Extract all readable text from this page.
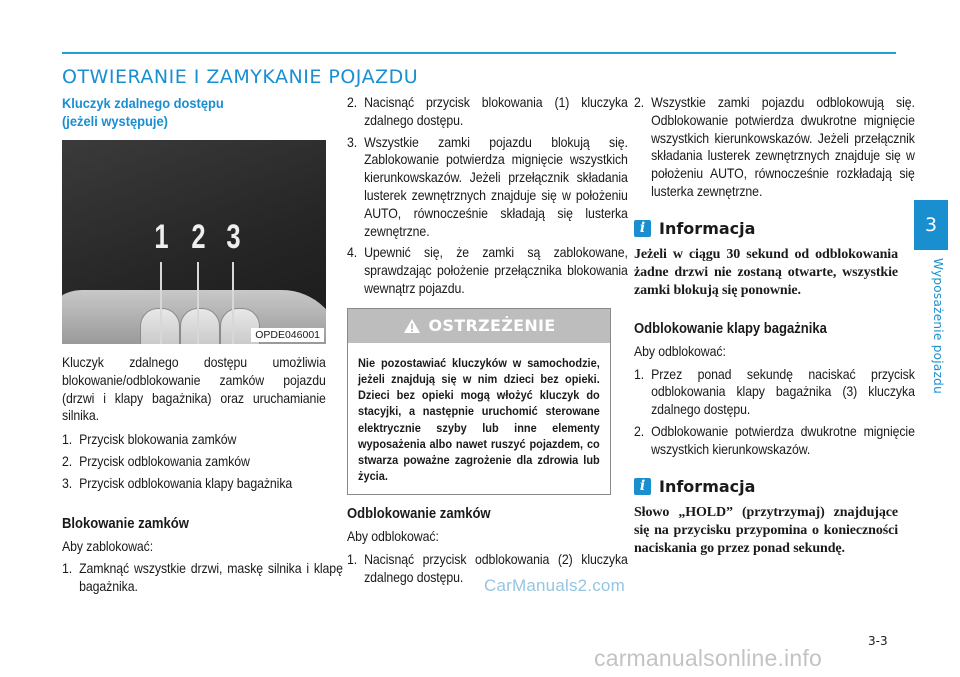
OTWIERANIE I ZAMYKANIE POJAZDU

Kluczyk zdalnego dostępu

(jeżeli występuje)

1 2 3
OPDE046001

Kluczyk zdalnego dostępu umożliwia blokowanie/odblokowanie zamków pojazdu (drzwi i klapy bagażnika) oraz uruchamianie silnika.

1. Przycisk blokowania zamków
2. Przycisk odblokowania zamków
3. Przycisk odblokowania klapy bagażnika

Blokowanie zamków

Aby zablokować:

1. Zamknąć wszystkie drzwi, maskę silnika i klapę bagażnika.
2. Nacisnąć przycisk blokowania (1) kluczyka zdalnego dostępu.
3. Wszystkie zamki pojazdu blokują się. Zablokowanie potwierdza mignięcie wszystkich kierunkowskazów. Jeżeli przełącznik składania lusterek zewnętrznych znajduje się w położeniu AUTO, równocześnie składają się lusterka zewnętrzne.
4. Upewnić się, że zamki są zablokowane, sprawdzając położenie przełącznika blokowania wewnątrz pojazdu.
OSTRZEŻENIE

Nie pozostawiać kluczyków w samochodzie, jeżeli znajdują się w nim dzieci bez opieki. Dzieci bez opieki mogą włożyć kluczyk do stacyjki, a następnie uruchomić sterowane elektrycznie szyby lub inne elementy wyposażenia albo nawet ruszyć pojazdem, co stwarza poważne zagrożenie dla zdrowia lub życia.

Odblokowanie zamków

Aby odblokować:

1. Nacisnąć przycisk odblokowania (2) kluczyka zdalnego dostępu.
2. Wszystkie zamki pojazdu odblokowują się. Odblokowanie potwierdza dwukrotne mignięcie wszystkich kierunkowskazów. Jeżeli przełącznik składania lusterek zewnętrznych znajduje się w położeniu AUTO, równocześnie rozkładają się lusterka zewnętrzne.
i Informacja

Jeżeli w ciągu 30 sekund od odblokowania żadne drzwi nie zostaną otwarte, wszystkie zamki blokują się ponownie.

Odblokowanie klapy bagażnika

Aby odblokować:

1. Przez ponad sekundę naciskać przycisk odblokowania klapy bagażnika (3) kluczyka zdalnego dostępu.
2. Odblokowanie potwierdza dwukrotne mignięcie wszystkich kierunkowskazów.
i Informacja

Słowo „HOLD” (przytrzymaj) znajdujące się na przycisku przypomina o konieczności naciskania go przez ponad sekundę.

3
Wyposażenie pojazdu
3-3
CarManuals2.com
carmanualsonline.info
